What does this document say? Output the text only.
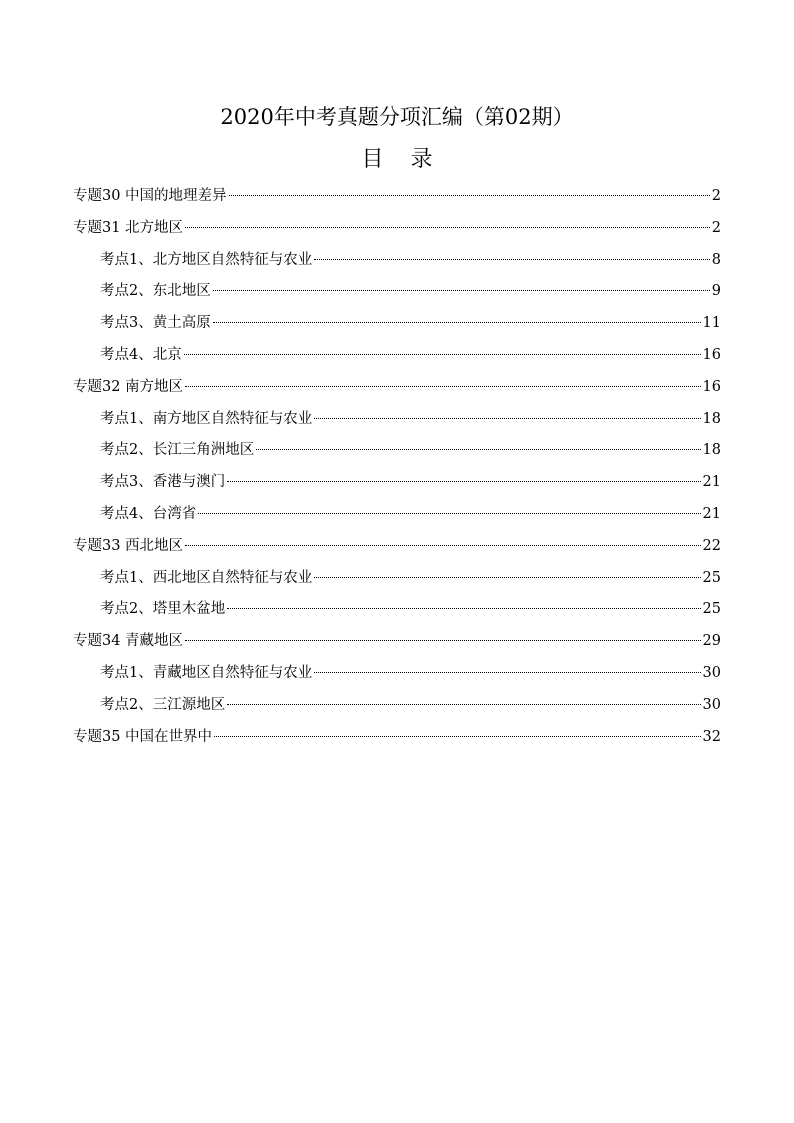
2020年中考真题分项汇编（第02期）
目 录
专题30 中国的地理差异	2
专题31 北方地区	2
考点1、北方地区自然特征与农业	8
考点2、东北地区	9
考点3、黄土高原	11
考点4、北京	16
专题32 南方地区	16
考点1、南方地区自然特征与农业	18
考点2、长江三角洲地区	18
考点3、香港与澳门	21
考点4、台湾省	21
专题33 西北地区	22
考点1、西北地区自然特征与农业	25
考点2、塔里木盆地	25
专题34 青藏地区	29
考点1、青藏地区自然特征与农业	30
考点2、三江源地区	30
专题35 中国在世界中	32
